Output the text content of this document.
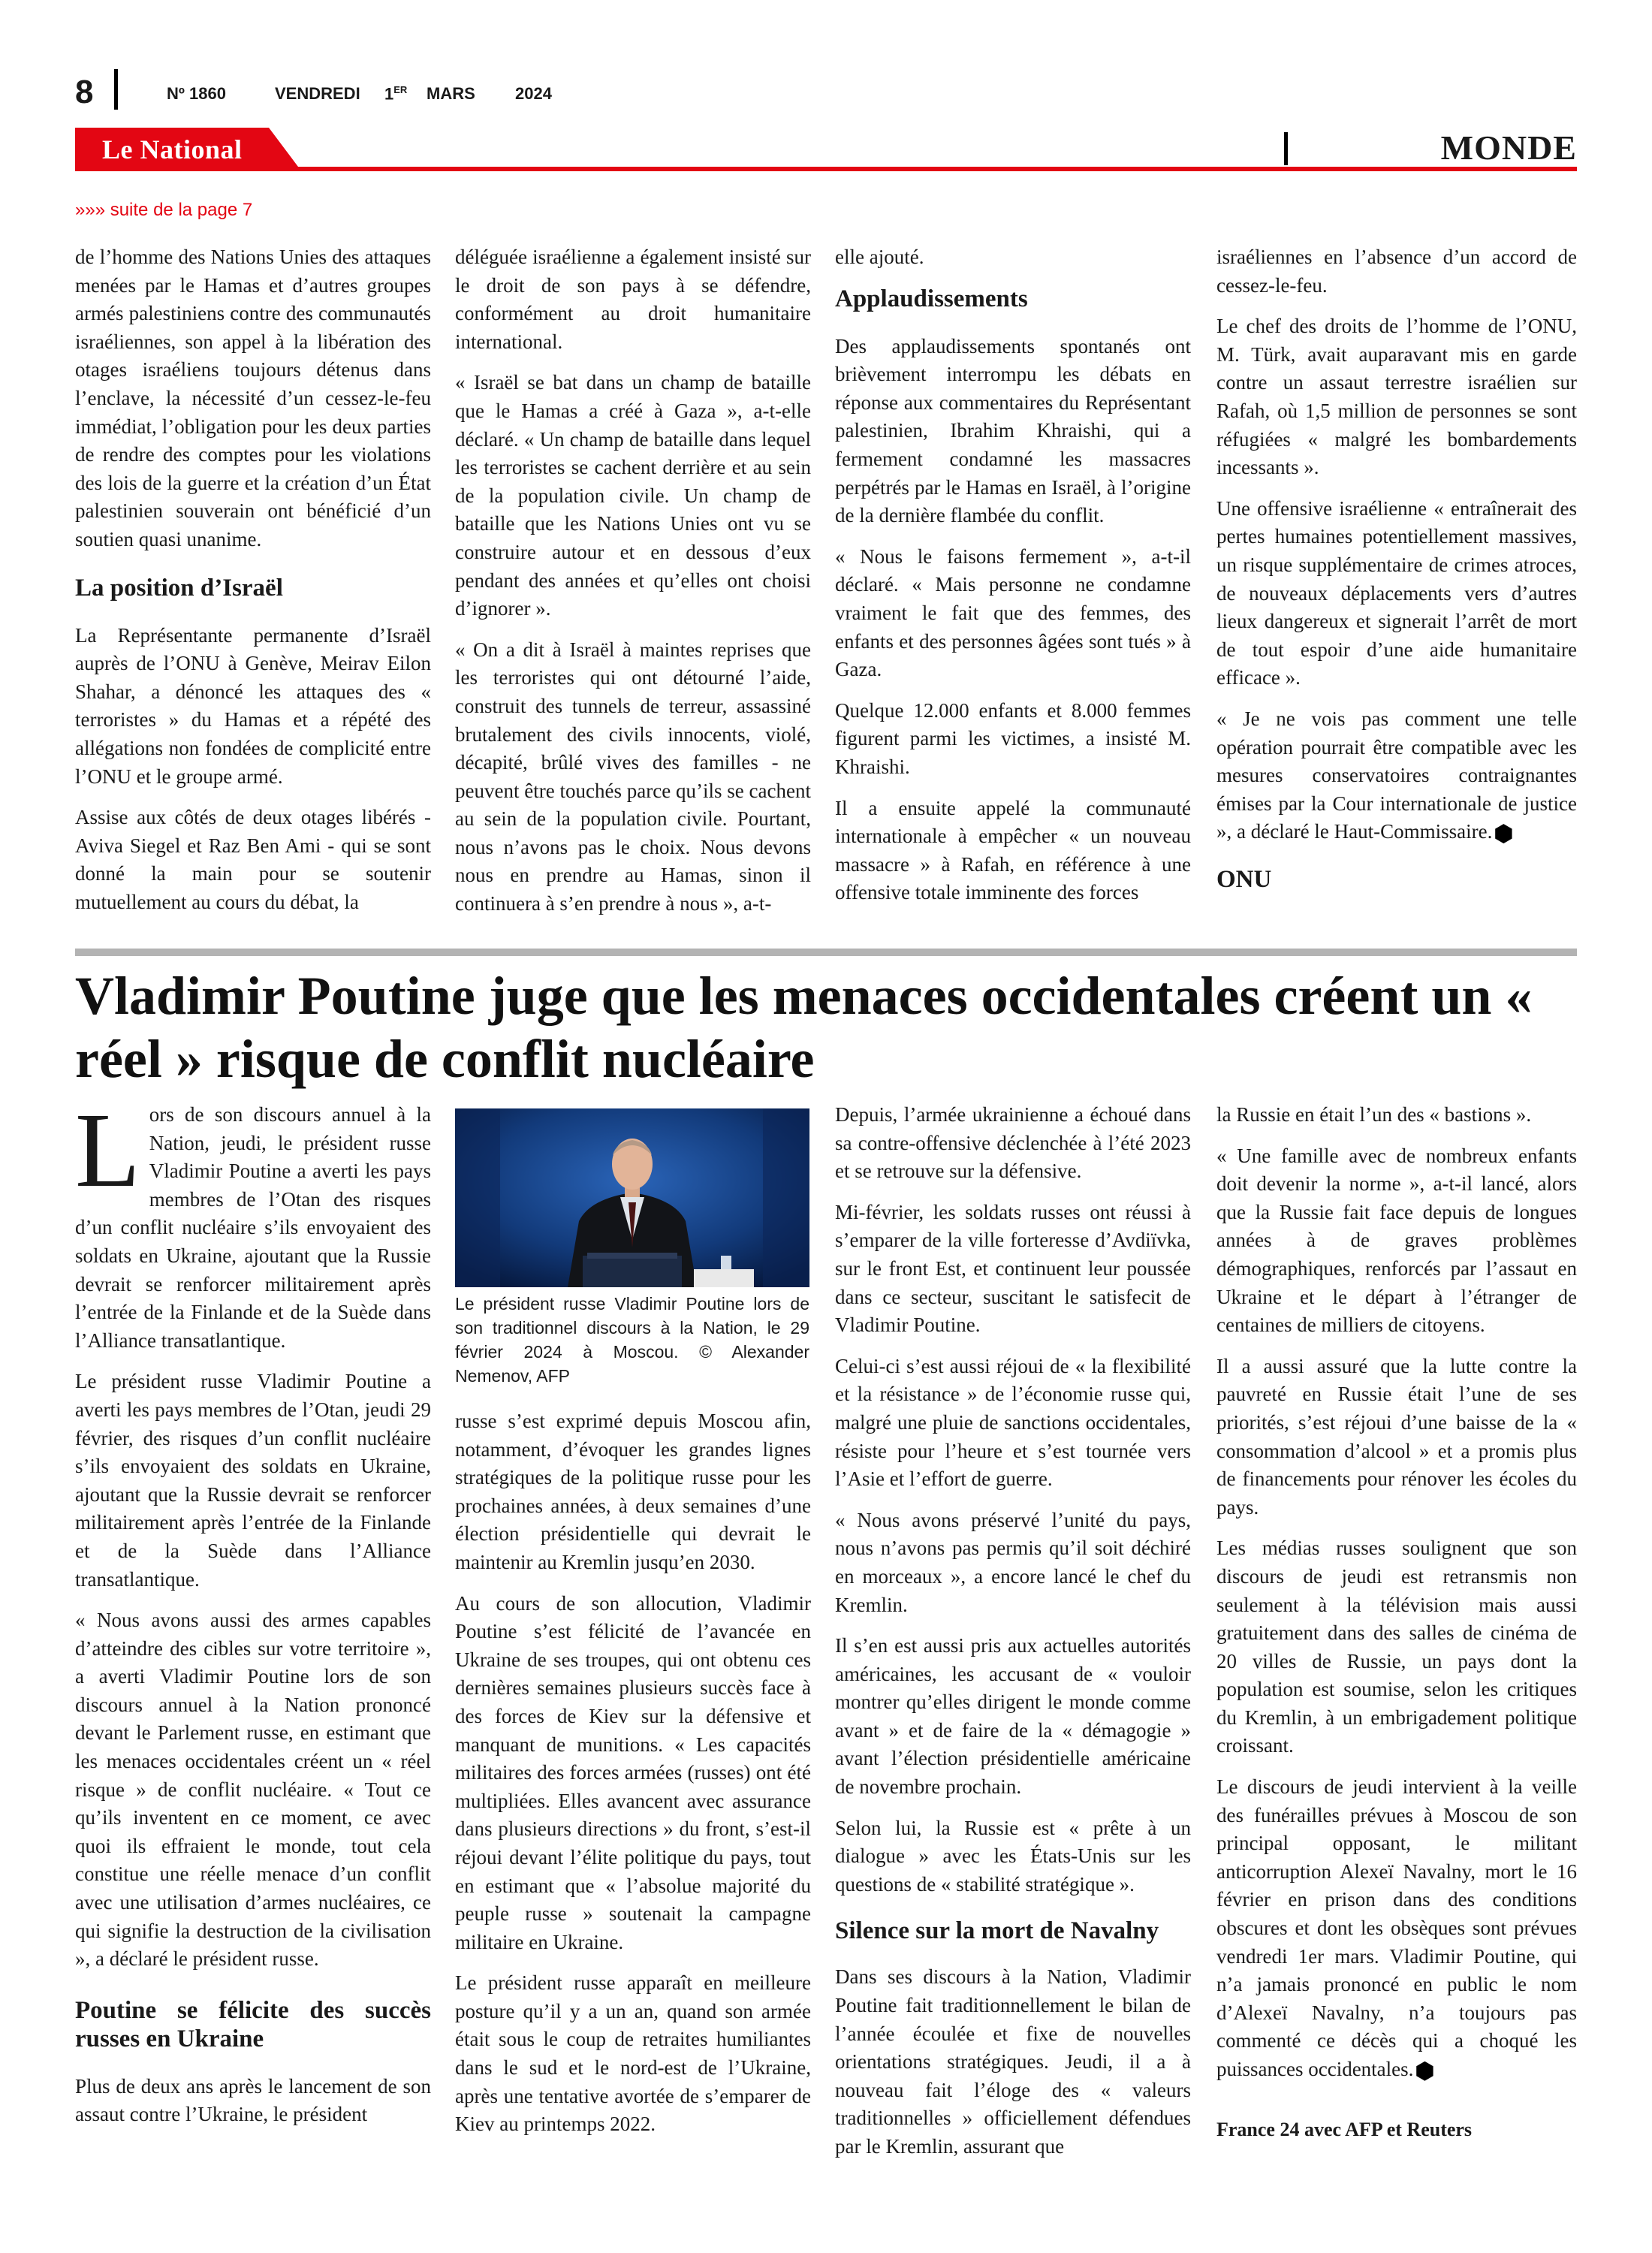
8	Nº 1860	VENDREDI 1ER MARS 2024
Le National	MONDE
»»» suite de la page 7

de l’homme des Nations Unies des attaques menées par le Hamas et d’autres groupes armés palestiniens contre des communautés israéliennes, son appel à la libération des otages israéliens toujours détenus dans l’enclave, la nécessité d’un cessez-le-feu immédiat, l’obligation pour les deux parties de rendre des comptes pour les violations des lois de la guerre et la création d’un État palestinien souverain ont bénéficié d’un soutien quasi unanime.

La position d’Israël

La Représentante permanente d’Israël auprès de l’ONU à Genève, Meirav Eilon Shahar, a dénoncé les attaques des « terroristes » du Hamas et a répété des allégations non fondées de complicité entre l’ONU et le groupe armé.

Assise aux côtés de deux otages libérés - Aviva Siegel et Raz Ben Ami - qui se sont donné la main pour se soutenir mutuellement au cours du débat, la

déléguée israélienne a également insisté sur le droit de son pays à se défendre, conformément au droit humanitaire international.

« Israël se bat dans un champ de bataille que le Hamas a créé à Gaza », a-t-elle déclaré. « Un champ de bataille dans lequel les terroristes se cachent derrière et au sein de la population civile. Un champ de bataille que les Nations Unies ont vu se construire autour et en dessous d’eux pendant des années et qu’elles ont choisi d’ignorer ».

« On a dit à Israël à maintes reprises que les terroristes qui ont détourné l’aide, construit des tunnels de terreur, assassiné brutalement des civils innocents, violé, décapité, brûlé vives des familles - ne peuvent être touchés parce qu’ils se cachent au sein de la population civile. Pourtant, nous n’avons pas le choix. Nous devons nous en prendre au Hamas, sinon il continuera à s’en prendre à nous », a-t-

elle ajouté.

Applaudissements

Des applaudissements spontanés ont brièvement interrompu les débats en réponse aux commentaires du Représentant palestinien, Ibrahim Khraishi, qui a fermement condamné les massacres perpétrés par le Hamas en Israël, à l’origine de la dernière flambée du conflit.

« Nous le faisons fermement », a-t-il déclaré. « Mais personne ne condamne vraiment le fait que des femmes, des enfants et des personnes âgées sont tués » à Gaza.

Quelque 12.000 enfants et 8.000 femmes figurent parmi les victimes, a insisté M. Khraishi.

Il a ensuite appelé la communauté internationale à empêcher « un nouveau massacre » à Rafah, en référence à une offensive totale imminente des forces

israéliennes en l’absence d’un accord de cessez-le-feu.

Le chef des droits de l’homme de l’ONU, M. Türk, avait auparavant mis en garde contre un assaut terrestre israélien sur Rafah, où 1,5 million de personnes se sont réfugiées « malgré les bombardements incessants ».

Une offensive israélienne « entraînerait des pertes humaines potentiellement massives, un risque supplémentaire de crimes atroces, de nouveaux déplacements vers d’autres lieux dangereux et signerait l’arrêt de mort de tout espoir d’une aide humanitaire efficace ».

« Je ne vois pas comment une telle opération pourrait être compatible avec les mesures conservatoires contraignantes émises par la Cour internationale de justice », a déclaré le Haut-Commissaire.

ONU
Vladimir Poutine juge que les menaces occidentales créent un « réel » risque de conflit nucléaire

Lors de son discours annuel à la Nation, jeudi, le président russe Vladimir Poutine a averti les pays membres de l’Otan des risques d’un conflit nucléaire s’ils envoyaient des soldats en Ukraine, ajoutant que la Russie devrait se renforcer militairement après l’entrée de la Finlande et de la Suède dans l’Alliance transatlantique.

Le président russe Vladimir Poutine a averti les pays membres de l’Otan, jeudi 29 février, des risques d’un conflit nucléaire s’ils envoyaient des soldats en Ukraine, ajoutant que la Russie devrait se renforcer militairement après l’entrée de la Finlande et de la Suède dans l’Alliance transatlantique.

« Nous avons aussi des armes capables d’atteindre des cibles sur votre territoire », a averti Vladimir Poutine lors de son discours annuel à la Nation prononcé devant le Parlement russe, en estimant que les menaces occidentales créent un « réel risque » de conflit nucléaire. « Tout ce qu’ils inventent en ce moment, ce avec quoi ils effraient le monde, tout cela constitue une réelle menace d’un conflit avec une utilisation d’armes nucléaires, ce qui signifie la destruction de la civilisation », a déclaré le président russe.

Poutine se félicite des succès russes en Ukraine

Plus de deux ans après le lancement de son assaut contre l’Ukraine, le président

Le président russe Vladimir Poutine lors de son traditionnel discours à la Nation, le 29 février 2024 à Moscou. © Alexander Nemenov, AFP

russe s’est exprimé depuis Moscou afin, notamment, d’évoquer les grandes lignes stratégiques de la politique russe pour les prochaines années, à deux semaines d’une élection présidentielle qui devrait le maintenir au Kremlin jusqu’en 2030.

Au cours de son allocution, Vladimir Poutine s’est félicité de l’avancée en Ukraine de ses troupes, qui ont obtenu ces dernières semaines plusieurs succès face à des forces de Kiev sur la défensive et manquant de munitions. « Les capacités militaires des forces armées (russes) ont été multipliées. Elles avancent avec assurance dans plusieurs directions » du front, s’est-il réjoui devant l’élite politique du pays, tout en estimant que « l’absolue majorité du peuple russe » soutenait la campagne militaire en Ukraine.

Le président russe apparaît en meilleure posture qu’il y a un an, quand son armée était sous le coup de retraites humiliantes dans le sud et le nord-est de l’Ukraine, après une tentative avortée de s’emparer de Kiev au printemps 2022.

Depuis, l’armée ukrainienne a échoué dans sa contre-offensive déclenchée à l’été 2023 et se retrouve sur la défensive.

Mi-février, les soldats russes ont réussi à s’emparer de la ville forteresse d’Avdiïvka, sur le front Est, et continuent leur poussée dans ce secteur, suscitant le satisfecit de Vladimir Poutine.

Celui-ci s’est aussi réjoui de « la flexibilité et la résistance » de l’économie russe qui, malgré une pluie de sanctions occidentales, résiste pour l’heure et s’est tournée vers l’Asie et l’effort de guerre.

« Nous avons préservé l’unité du pays, nous n’avons pas permis qu’il soit déchiré en morceaux », a encore lancé le chef du Kremlin.

Il s’en est aussi pris aux actuelles autorités américaines, les accusant de « vouloir montrer qu’elles dirigent le monde comme avant » et de faire de la « démagogie » avant l’élection présidentielle américaine de novembre prochain.

Selon lui, la Russie est « prête à un dialogue » avec les États-Unis sur les questions de « stabilité stratégique ».

Silence sur la mort de Navalny

Dans ses discours à la Nation, Vladimir Poutine fait traditionnellement le bilan de l’année écoulée et fixe de nouvelles orientations stratégiques. Jeudi, il a à nouveau fait l’éloge des « valeurs traditionnelles » officiellement défendues par le Kremlin, assurant que

la Russie en était l’un des « bastions ».

« Une famille avec de nombreux enfants doit devenir la norme », a-t-il lancé, alors que la Russie fait face depuis de longues années à de graves problèmes démographiques, renforcés par l’assaut en Ukraine et le départ à l’étranger de centaines de milliers de citoyens.

Il a aussi assuré que la lutte contre la pauvreté en Russie était l’une de ses priorités, s’est réjoui d’une baisse de la « consommation d’alcool » et a promis plus de financements pour rénover les écoles du pays.

Les médias russes soulignent que son discours de jeudi est retransmis non seulement à la télévision mais aussi gratuitement dans des salles de cinéma de 20 villes de Russie, un pays dont la population est soumise, selon les critiques du Kremlin, à un embrigadement politique croissant.

Le discours de jeudi intervient à la veille des funérailles prévues à Moscou de son principal opposant, le militant anticorruption Alexeï Navalny, mort le 16 février en prison dans des conditions obscures et dont les obsèques sont prévues vendredi 1er mars. Vladimir Poutine, qui n’a jamais prononcé en public le nom d’Alexeï Navalny, n’a toujours pas commenté ce décès qui a choqué les puissances occidentales.

France 24 avec AFP et Reuters
